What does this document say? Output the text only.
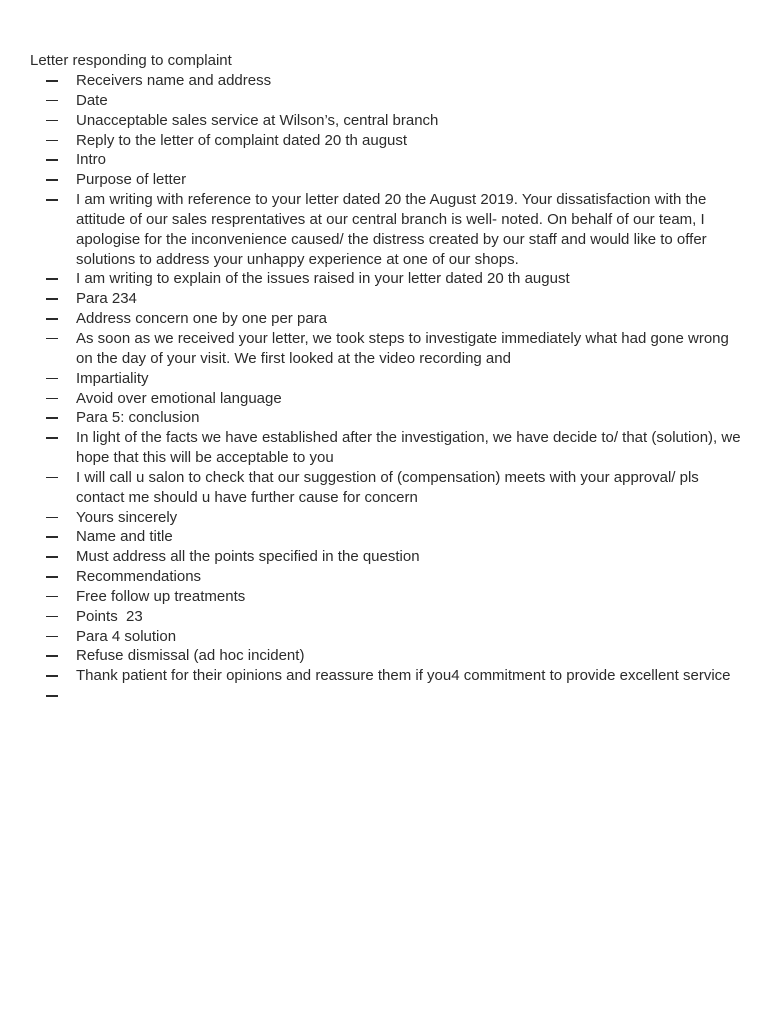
Letter responding to complaint

Receivers name and address
Date
Unacceptable sales service at Wilson’s, central branch
Reply to the letter of complaint dated 20 th august
Intro
Purpose of letter
I am writing with reference to your letter dated 20 the August 2019. Your dissatisfaction with the attitude of our sales resprentatives at our central branch is well- noted. On behalf of our team, I apologise for the inconvenience caused/ the distress created by our staff and would like to offer solutions to address your unhappy experience at one of our shops.
I am writing to explain of the issues raised in your letter dated 20 th august
Para 234
Address concern one by one per para
As soon as we received your letter, we took steps to investigate immediately what had gone wrong on the day of your visit. We first looked at the video recording and
Impartiality
Avoid over emotional language
Para 5: conclusion
In light of the facts we have established after the investigation, we have decide to/ that (solution), we hope that this will be acceptable to you
I will call u salon to check that our suggestion of (compensation) meets with your approval/ pls contact me should u have further cause for concern
Yours sincerely
Name and title
Must address all the points specified in the question
Recommendations
Free follow up treatments
Points  23
Para 4 solution
Refuse dismissal (ad hoc incident)
Thank patient for their opinions and reassure them if you4 commitment to provide excellent service
